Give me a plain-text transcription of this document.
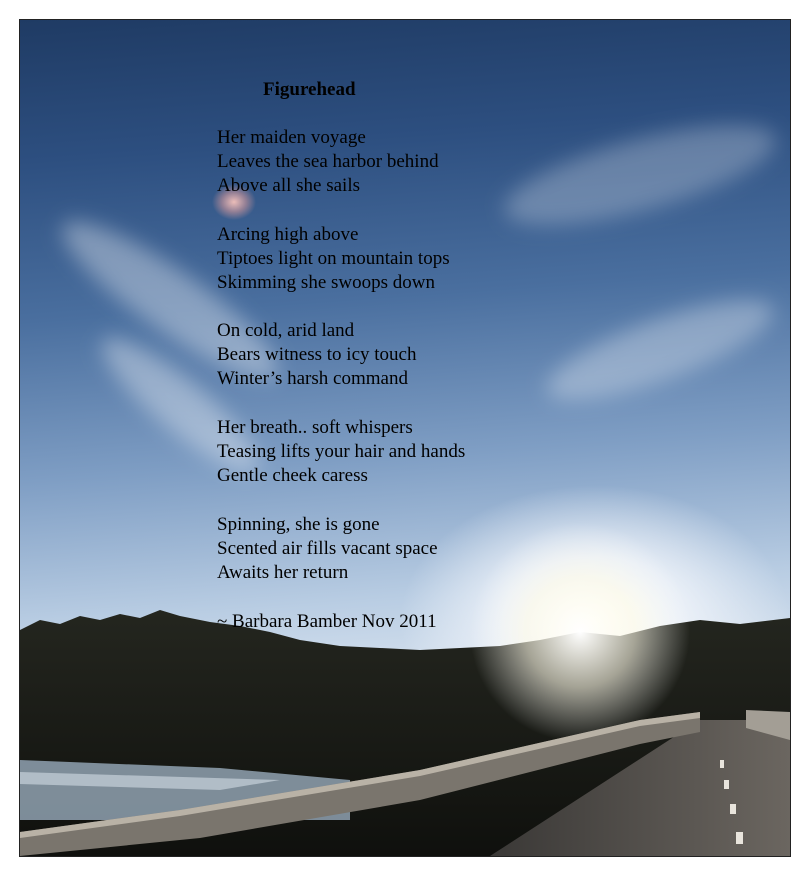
Figurehead
Her maiden voyage
Leaves the sea harbor behind
Above all she sails
Arcing high above
Tiptoes light on mountain tops
Skimming she swoops down
On cold, arid land
Bears witness to icy touch
Winter’s harsh command
Her breath.. soft whispers
Teasing lifts your hair and hands
Gentle cheek caress
Spinning, she is gone
Scented air fills vacant space
Awaits her return
~ Barbara Bamber Nov 2011
